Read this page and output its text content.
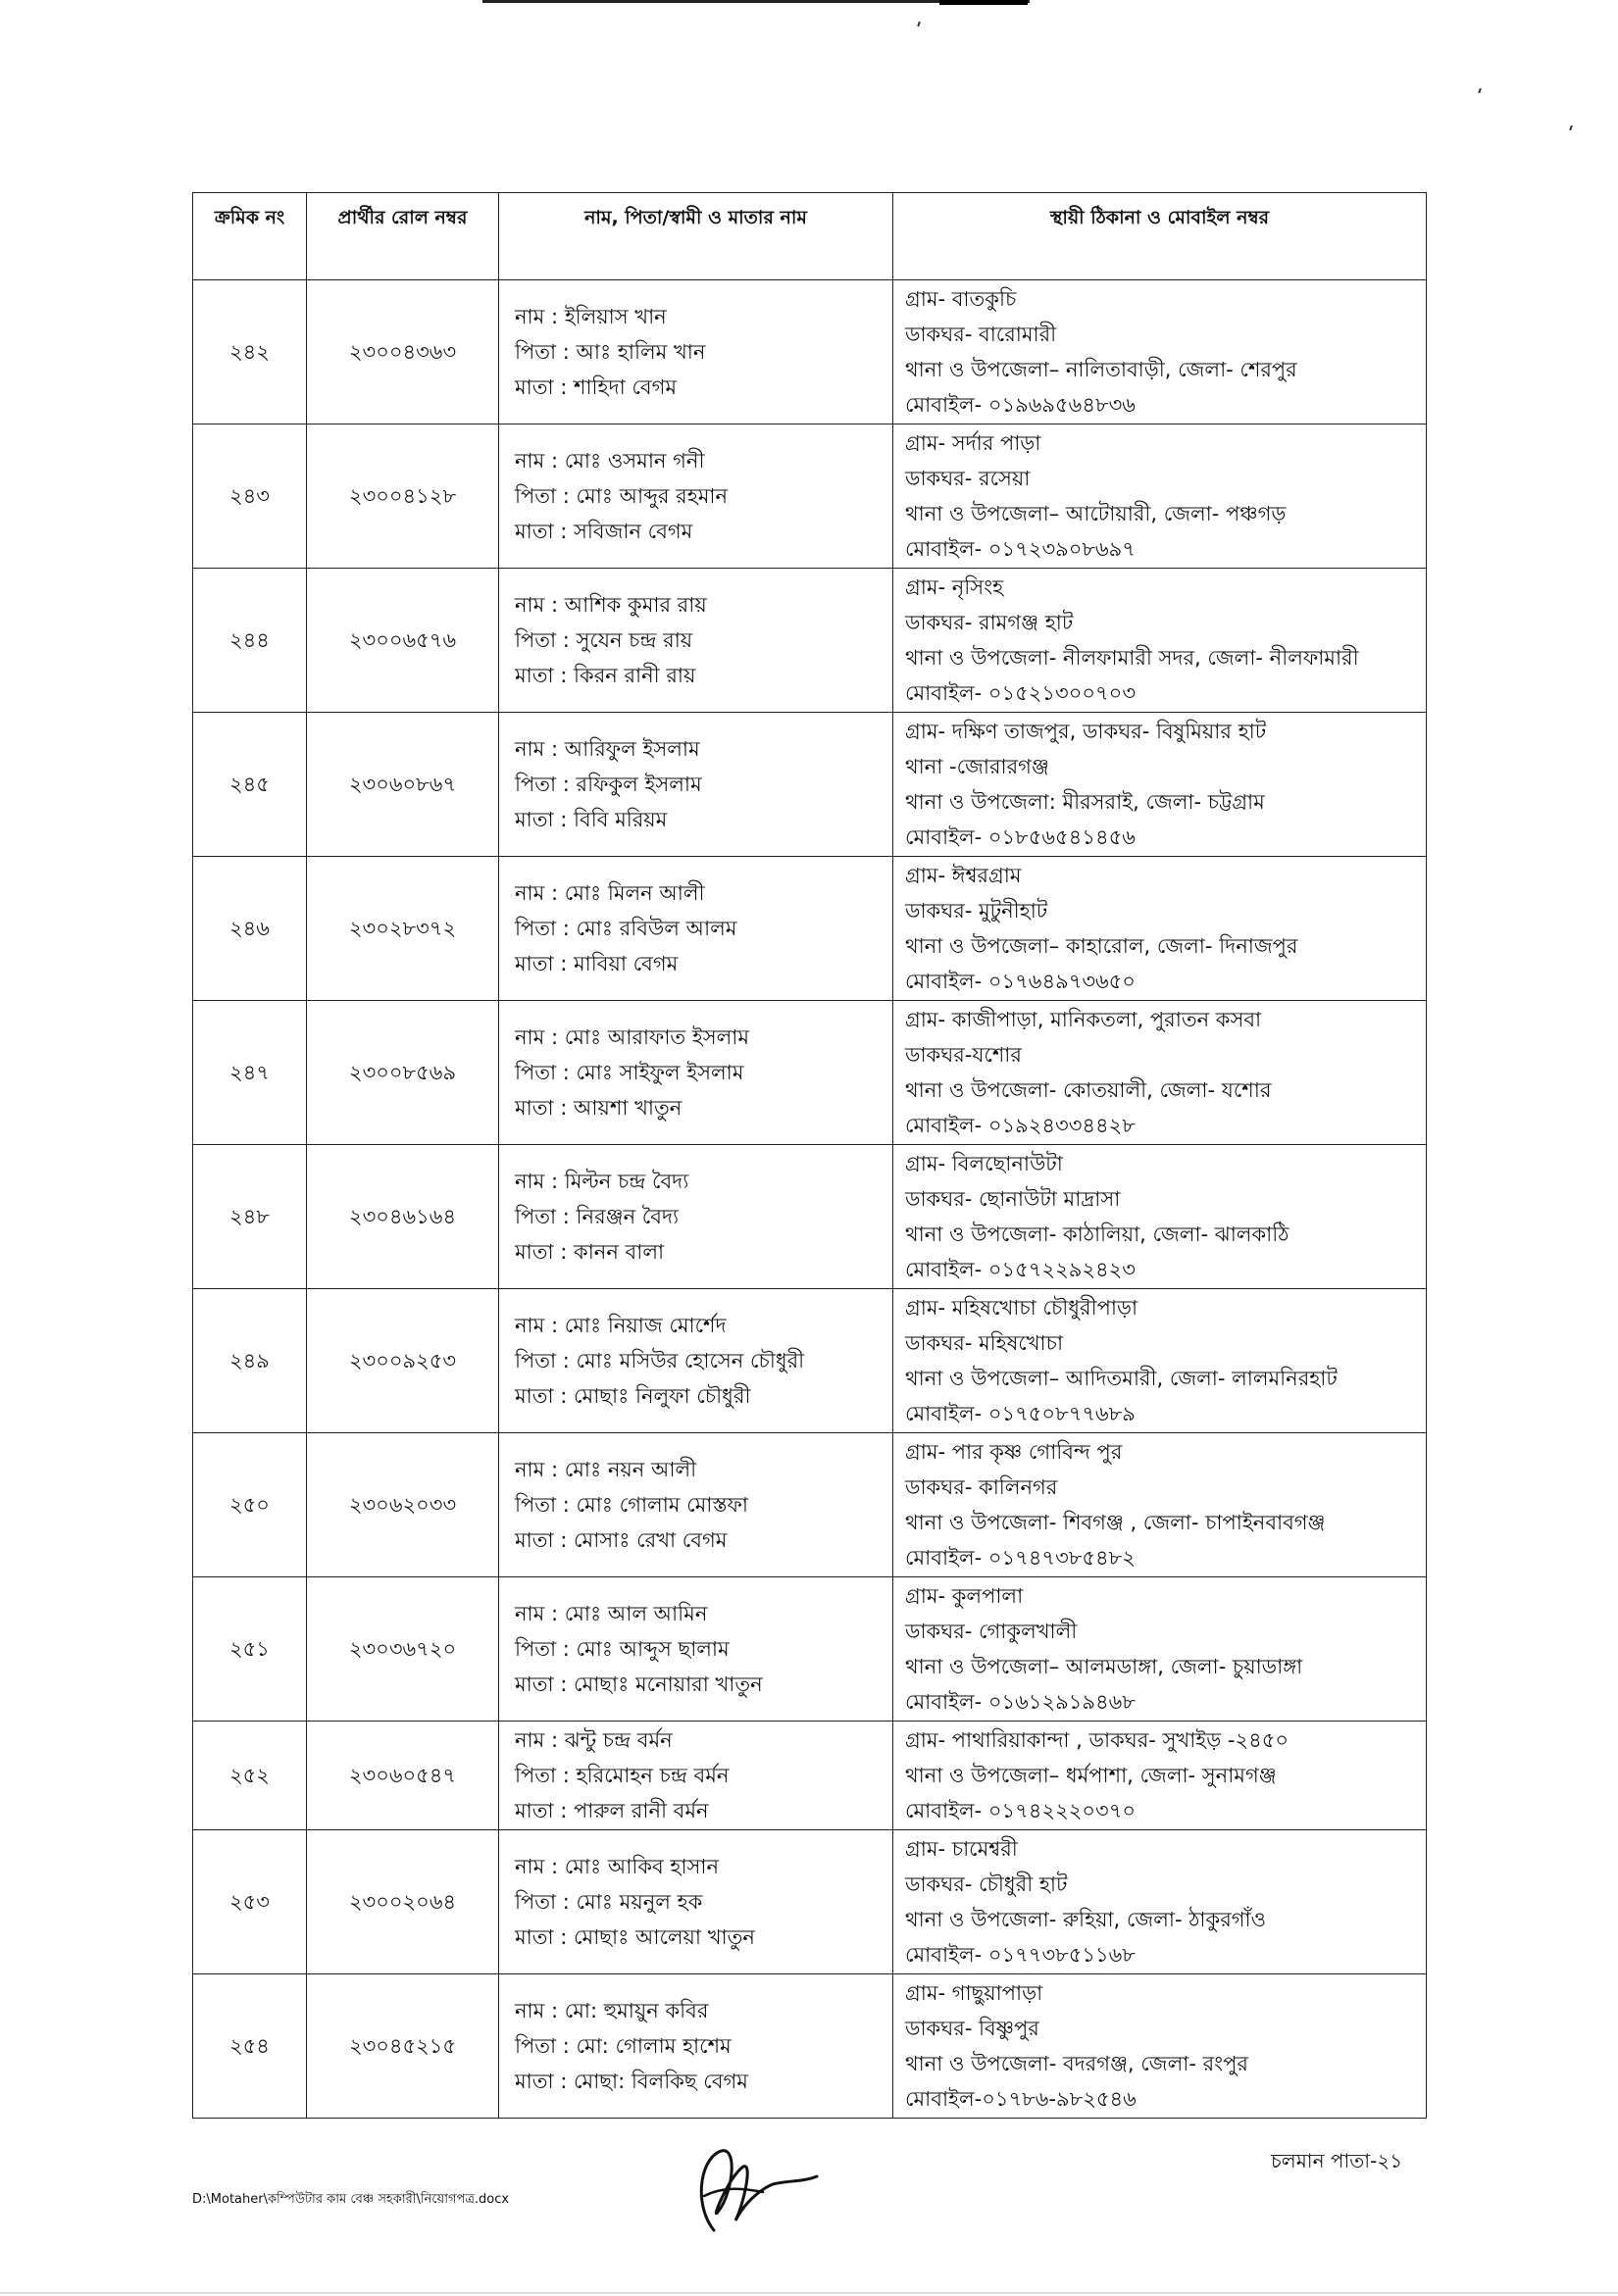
ক্রমিক নং	প্রার্থীর রোল নম্বর	নাম, পিতা/স্বামী ও মাতার নাম	স্থায়ী ঠিকানা ও মোবাইল নম্বর
২৪২	২৩০০৪৩৬৩	নাম : ইলিয়াস খান
পিতা : আঃ হালিম খান
মাতা : শাহিদা বেগম	গ্রাম- বাতকুচি
ডাকঘর- বারোমারী
থানা ও উপজেলা– নালিতাবাড়ী, জেলা- শেরপুর
মোবাইল- ০১৯৬৯৫৬৪৮৩৬

২৪৩	২৩০০৪১২৮	নাম : মোঃ ওসমান গনী
পিতা : মোঃ আব্দুর রহমান
মাতা : সবিজান বেগম	গ্রাম- সর্দার পাড়া
ডাকঘর- রসেয়া
থানা ও উপজেলা– আটোয়ারী, জেলা- পঞ্চগড়
মোবাইল- ০১৭২৩৯০৮৬৯৭

২৪৪	২৩০০৬৫৭৬	নাম : আশিক কুমার রায়
পিতা : সুযেন চন্দ্র রায়
মাতা : কিরন রানী রায়	গ্রাম- নৃসিংহ
ডাকঘর- রামগঞ্জ হাট
থানা ও উপজেলা- নীলফামারী সদর, জেলা- নীলফামারী
মোবাইল- ০১৫২১৩০০৭০৩

২৪৫	২৩০৬০৮৬৭	নাম : আরিফুল ইসলাম
পিতা : রফিকুল ইসলাম
মাতা : বিবি মরিয়ম	গ্রাম- দক্ষিণ তাজপুর, ডাকঘর- বিষুমিয়ার হাট
থানা -জোরারগঞ্জ
থানা ও উপজেলা: মীরসরাই, জেলা- চট্টগ্রাম
মোবাইল- ০১৮৫৬৫৪১৪৫৬

২৪৬	২৩০২৮৩৭২	নাম : মোঃ মিলন আলী
পিতা : মোঃ রবিউল আলম
মাতা : মাবিয়া বেগম	গ্রাম- ঈশ্বরগ্রাম
ডাকঘর- মুটুনীহাট
থানা ও উপজেলা– কাহারোল, জেলা- দিনাজপুর
মোবাইল- ০১৭৬৪৯৭৩৬৫০

২৪৭	২৩০০৮৫৬৯	নাম : মোঃ আরাফাত ইসলাম
পিতা : মোঃ সাইফুল ইসলাম
মাতা : আয়শা খাতুন	গ্রাম- কাজীপাড়া, মানিকতলা, পুরাতন কসবা
ডাকঘর-যশোর
থানা ও উপজেলা- কোতয়ালী, জেলা- যশোর
মোবাইল- ০১৯২৪৩৩৪৪২৮

২৪৮	২৩০৪৬১৬৪	নাম : মিল্টন চন্দ্র বৈদ্য
পিতা : নিরঞ্জন বৈদ্য
মাতা : কানন বালা	গ্রাম- বিলছোনাউটা
ডাকঘর- ছোনাউটা মাদ্রাসা
থানা ও উপজেলা- কাঠালিয়া, জেলা- ঝালকাঠি
মোবাইল- ০১৫৭২২৯২৪২৩

২৪৯	২৩০০৯২৫৩	নাম : মোঃ নিয়াজ মোর্শেদ
পিতা : মোঃ মসিউর হোসেন চৌধুরী
মাতা : মোছাঃ নিলুফা চৌধুরী	গ্রাম- মহিষখোচা চৌধুরীপাড়া
ডাকঘর- মহিষখোচা
থানা ও উপজেলা– আদিতমারী, জেলা- লালমনিরহাট
মোবাইল- ০১৭৫০৮৭৭৬৮৯

২৫০	২৩০৬২০৩৩	নাম : মোঃ নয়ন আলী
পিতা : মোঃ গোলাম মোস্তফা
মাতা : মোসাঃ রেখা বেগম	গ্রাম- পার কৃষ্ণ গোবিন্দ পুর
ডাকঘর- কালিনগর
থানা ও উপজেলা- শিবগঞ্জ , জেলা- চাপাইনবাবগঞ্জ
মোবাইল- ০১৭৪৭৩৮৫৪৮২

২৫১	২৩০৩৬৭২০	নাম : মোঃ আল আমিন
পিতা : মোঃ আব্দুস ছালাম
মাতা : মোছাঃ মনোয়ারা খাতুন	গ্রাম- কুলপালা
ডাকঘর- গোকুলখালী
থানা ও উপজেলা– আলমডাঙ্গা, জেলা- চুয়াডাঙ্গা
মোবাইল- ০১৬১২৯১৯৪৬৮

২৫২	২৩০৬০৫৪৭	নাম : ঝন্টু চন্দ্র বর্মন
পিতা : হরিমোহন চন্দ্র বর্মন
মাতা : পারুল রানী বর্মন	গ্রাম- পাথারিয়াকান্দা , ডাকঘর- সুখাইড় -২৪৫০
থানা ও উপজেলা– ধর্মপাশা, জেলা- সুনামগঞ্জ
মোবাইল- ০১৭৪২২২০৩৭০

২৫৩	২৩০০২০৬৪	নাম : মোঃ আকিব হাসান
পিতা : মোঃ ময়নুল হক
মাতা : মোছাঃ আলেয়া খাতুন	গ্রাম- চামেশ্বরী
ডাকঘর- চৌধুরী হাট
থানা ও উপজেলা- রুহিয়া, জেলা- ঠাকুরগাঁও
মোবাইল- ০১৭৭৩৮৫১১৬৮

২৫৪	২৩০৪৫২১৫	নাম : মো: হুমায়ুন কবির
পিতা : মো: গোলাম হাশেম
মাতা : মোছা: বিলকিছ বেগম	গ্রাম- গাছুয়াপাড়া
ডাকঘর- বিষ্ণুপুর
থানা ও উপজেলা- বদরগঞ্জ, জেলা- রংপুর
মোবাইল-০১৭৮৬-৯৮২৫৪৬
চলমান পাতা-২১
D:\Motaher\কম্পিউটার কাম বেঞ্চ সহকারী\নিয়োগপত্র.docx
